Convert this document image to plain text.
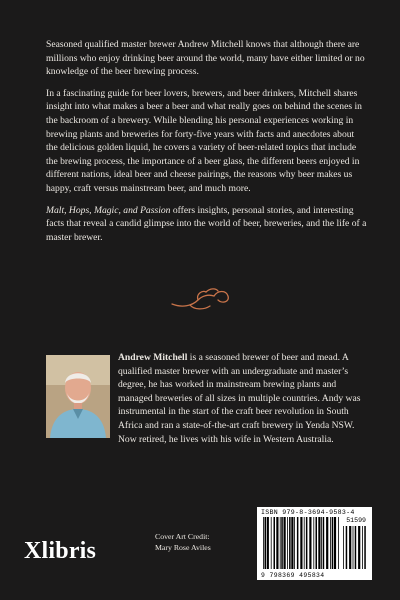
Seasoned qualified master brewer Andrew Mitchell knows that although there are millions who enjoy drinking beer around the world, many have either limited or no knowledge of the beer brewing process.

In a fascinating guide for beer lovers, brewers, and beer drinkers, Mitchell shares insight into what makes a beer a beer and what really goes on behind the scenes in the backroom of a brewery. While blending his personal experiences working in brewing plants and breweries for forty-five years with facts and anecdotes about the delicious golden liquid, he covers a variety of beer-related topics that include the brewing process, the importance of a beer glass, the different beers enjoyed in different nations, ideal beer and cheese pairings, the reasons why beer makes us happy, craft versus mainstream beer, and much more.

Malt, Hops, Magic, and Passion offers insights, personal stories, and interesting facts that reveal a candid glimpse into the world of beer, breweries, and the life of a master brewer.

Andrew Mitchell is a seasoned brewer of beer and mead. A qualified master brewer with an undergraduate and master’s degree, he has worked in mainstream brewing plants and managed breweries of all sizes in multiple countries. Andy was instrumental in the start of the craft beer revolution in South Africa and ran a state-of-the-art craft brewery in Yenda NSW. Now retired, he lives with his wife in Western Australia.
Xlibris
Cover Art Credit:
Mary Rose Aviles
ISBN 979-8-3694-9583-4
51599
9 798369 495834
